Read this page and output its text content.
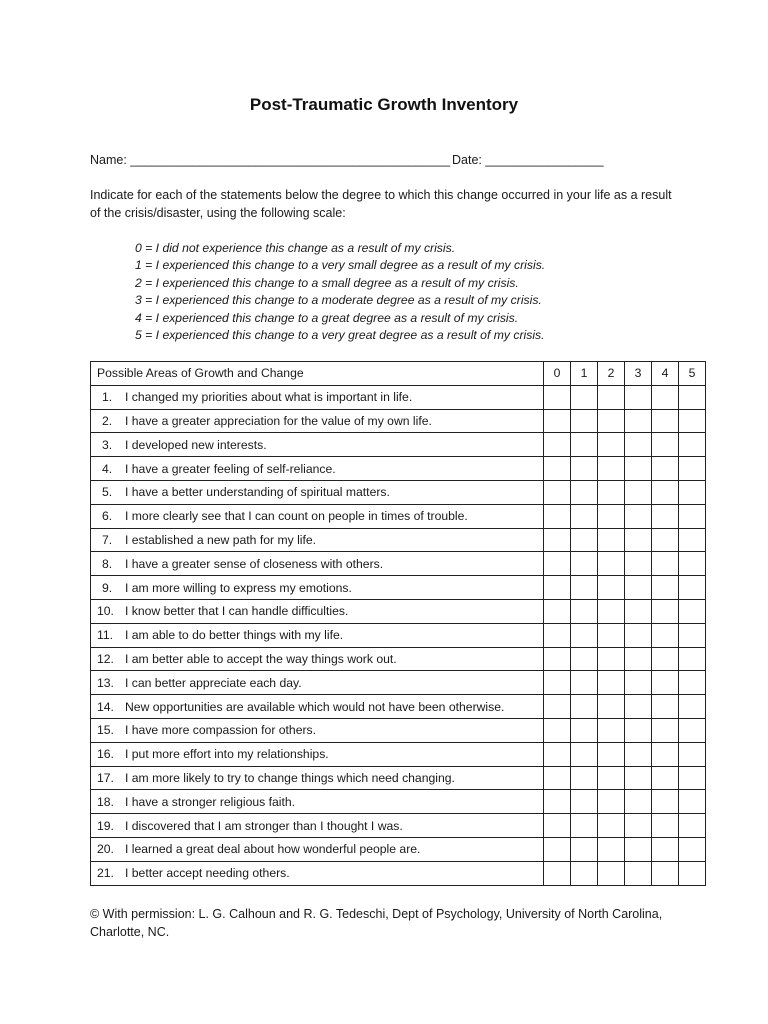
Post-Traumatic Growth Inventory
Name: ______________________________________________ Date: _________________
Indicate for each of the statements below the degree to which this change occurred in your life as a result of the crisis/disaster, using the following scale:
0 = I did not experience this change as a result of my crisis.
1 = I experienced this change to a very small degree as a result of my crisis.
2 = I experienced this change to a small degree as a result of my crisis.
3 = I experienced this change to a moderate degree as a result of my crisis.
4 = I experienced this change to a great degree as a result of my crisis.
5 = I experienced this change to a very great degree as a result of my crisis.
Possible Areas of Growth and Change	0	1	2	3	4	5
1. I changed my priorities about what is important in life.						
2. I have a greater appreciation for the value of my own life.						
3. I developed new interests.						
4. I have a greater feeling of self-reliance.						
5. I have a better understanding of spiritual matters.						
6. I more clearly see that I can count on people in times of trouble.						
7. I established a new path for my life.						
8. I have a greater sense of closeness with others.						
9. I am more willing to express my emotions.						
10. I know better that I can handle difficulties.						
11. I am able to do better things with my life.						
12. I am better able to accept the way things work out.						
13. I can better appreciate each day.						
14. New opportunities are available which would not have been otherwise.						
15. I have more compassion for others.						
16. I put more effort into my relationships.						
17. I am more likely to try to change things which need changing.						
18. I have a stronger religious faith.						
19. I discovered that I am stronger than I thought I was.						
20. I learned a great deal about how wonderful people are.						
21. I better accept needing others.						
© With permission: L. G. Calhoun and R. G. Tedeschi, Dept of Psychology, University of North Carolina, Charlotte, NC.
